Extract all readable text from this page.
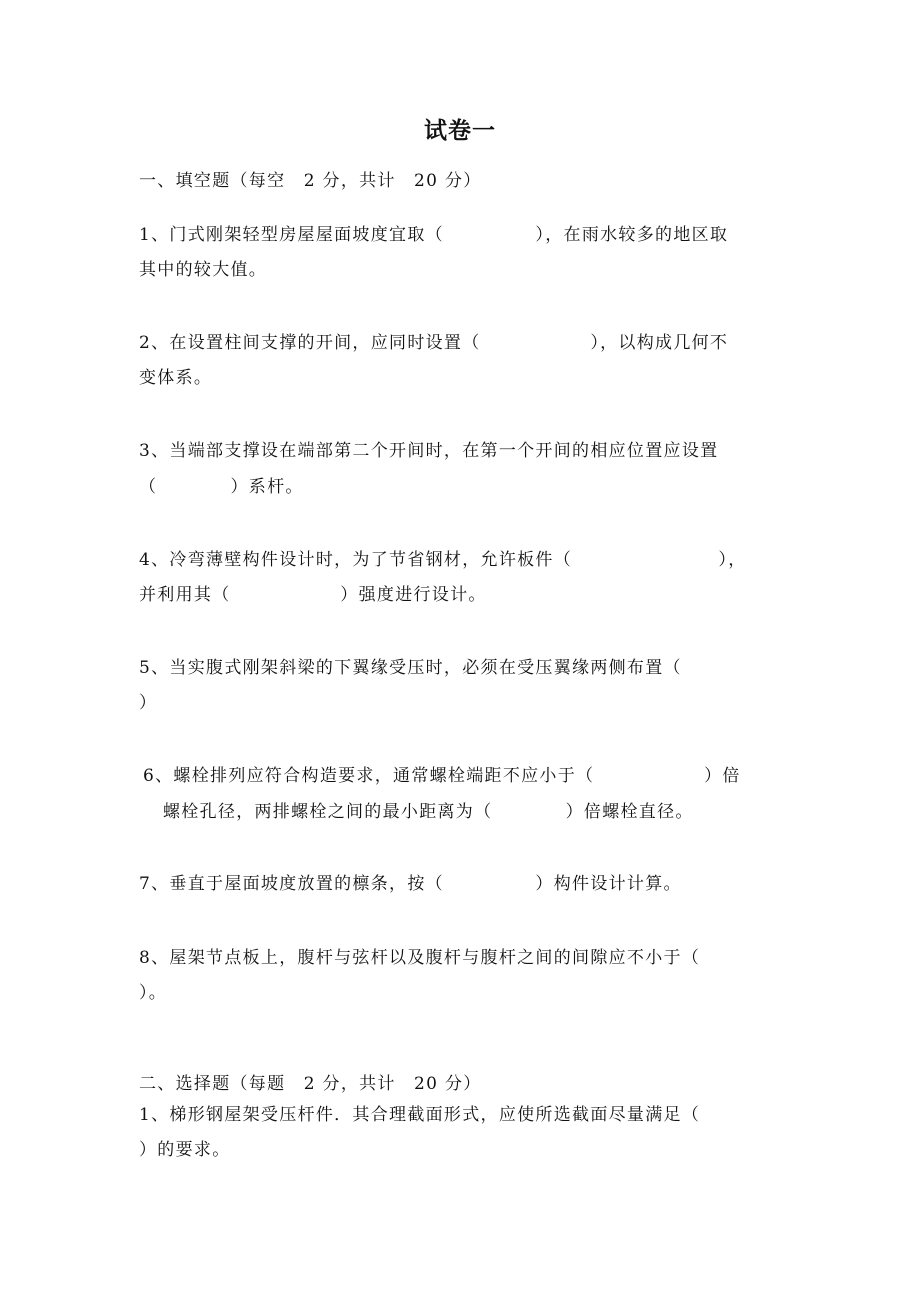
试卷一
一、填空题（每空　2 分，共计　20 分）
1、门式刚架轻型房屋屋面坡度宜取（　　　　　），在雨水较多的地区取
其中的较大值。
2、在设置柱间支撑的开间，应同时设置（　　　　　　），以构成几何不
变体系。
3、当端部支撑设在端部第二个开间时，在第一个开间的相应位置应设置
（　　　　）系杆。
4、冷弯薄壁构件设计时，为了节省钢材，允许板件（　　　　　　　　），
并利用其（　　　　　　）强度进行设计。
5、当实腹式刚架斜梁的下翼缘受压时，必须在受压翼缘两侧布置（
）
6、螺栓排列应符合构造要求，通常螺栓端距不应小于（　　　　　　）倍
螺栓孔径，两排螺栓之间的最小距离为（　　　　）倍螺栓直径。
7、垂直于屋面坡度放置的檩条，按（　　　　　）构件设计计算。
8、屋架节点板上，腹杆与弦杆以及腹杆与腹杆之间的间隙应不小于（
）。
二、选择题（每题　2 分，共计　20 分）
1、梯形钢屋架受压杆件．其合理截面形式，应使所选截面尽量满足（
）的要求。
